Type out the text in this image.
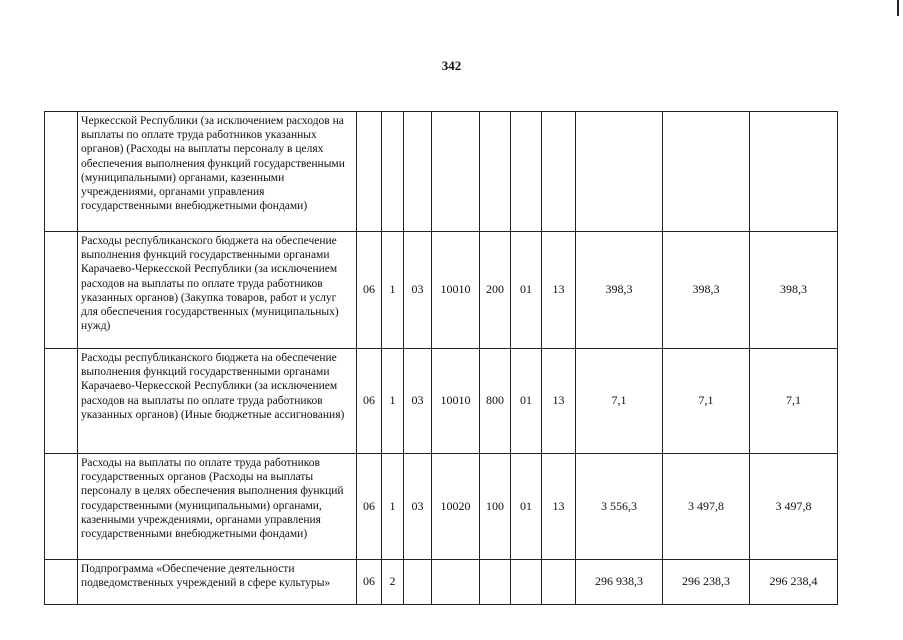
342
	Черкесской Республики (за исключением расходов на выплаты по оплате труда работников указанных органов) (Расходы на выплаты персоналу в целях обеспечения выполнения функций государственными (муниципальными) органами, казенными учреждениями, органами управления государственными внебюджетными фондами)										
	Расходы республиканского бюджета на обеспечение выполнения функций государственными органами Карачаево-Черкесской Республики (за исключением расходов на выплаты по оплате труда работников указанных органов) (Закупка товаров, работ и услуг для обеспечения государственных (муниципальных) нужд)	06	1	03	10010	200	01	13	398,3	398,3	398,3
	Расходы республиканского бюджета на обеспечение выполнения функций государственными органами Карачаево-Черкесской Республики (за исключением расходов на выплаты по оплате труда работников указанных органов) (Иные бюджетные ассигнования)	06	1	03	10010	800	01	13	7,1	7,1	7,1
	Расходы на выплаты по оплате труда работников государственных органов (Расходы на выплаты персоналу в целях обеспечения выполнения функций государственными (муниципальными) органами, казенными учреждениями, органами управления государственными внебюджетными фондами)	06	1	03	10020	100	01	13	3 556,3	3 497,8	3 497,8
	Подпрограмма «Обеспечение деятельности подведомственных учреждений в сфере культуры»	06	2						296 938,3	296 238,3	296 238,4
